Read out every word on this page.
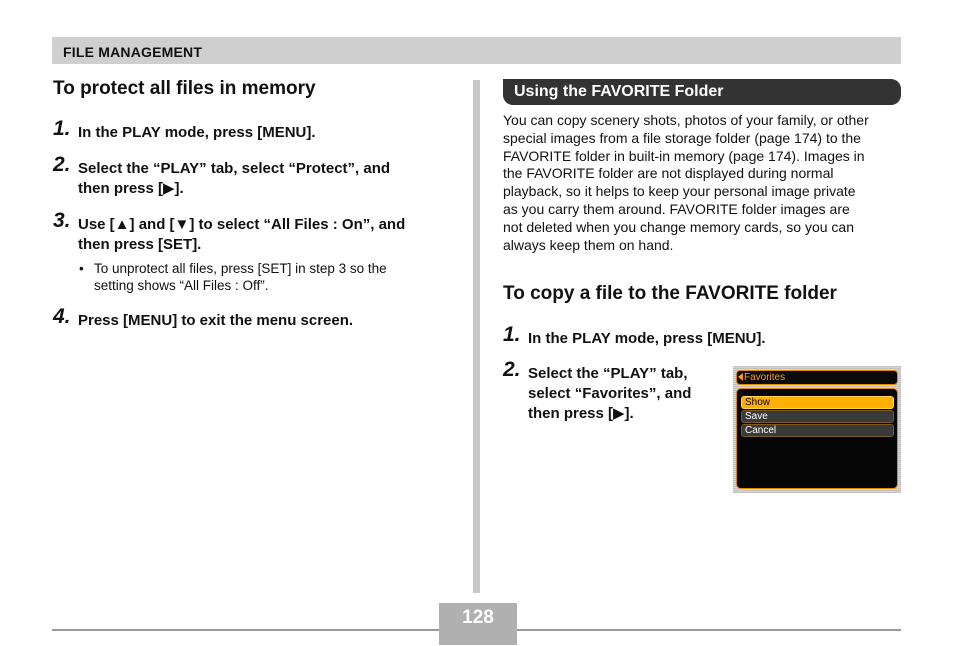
FILE MANAGEMENT
To protect all files in memory
1. In the PLAY mode, press [MENU].
2. Select the “PLAY” tab, select “Protect”, and
then press [▶].
3. Use [▲] and [▼] to select “All Files : On”, and
then press [SET].
• To unprotect all files, press [SET] in step 3 so the
setting shows “All Files : Off”.
4. Press [MENU] to exit the menu screen.
Using the FAVORITE Folder
You can copy scenery shots, photos of your family, or other
special images from a file storage folder (page 174) to the
FAVORITE folder in built-in memory (page 174). Images in
the FAVORITE folder are not displayed during normal
playback, so it helps to keep your personal image private
as you carry them around. FAVORITE folder images are
not deleted when you change memory cards, so you can
always keep them on hand.
To copy a file to the FAVORITE folder
1. In the PLAY mode, press [MENU].
2. Select the “PLAY” tab,
select “Favorites”, and
then press [▶].
Favorites
Show
Save
Cancel
128
